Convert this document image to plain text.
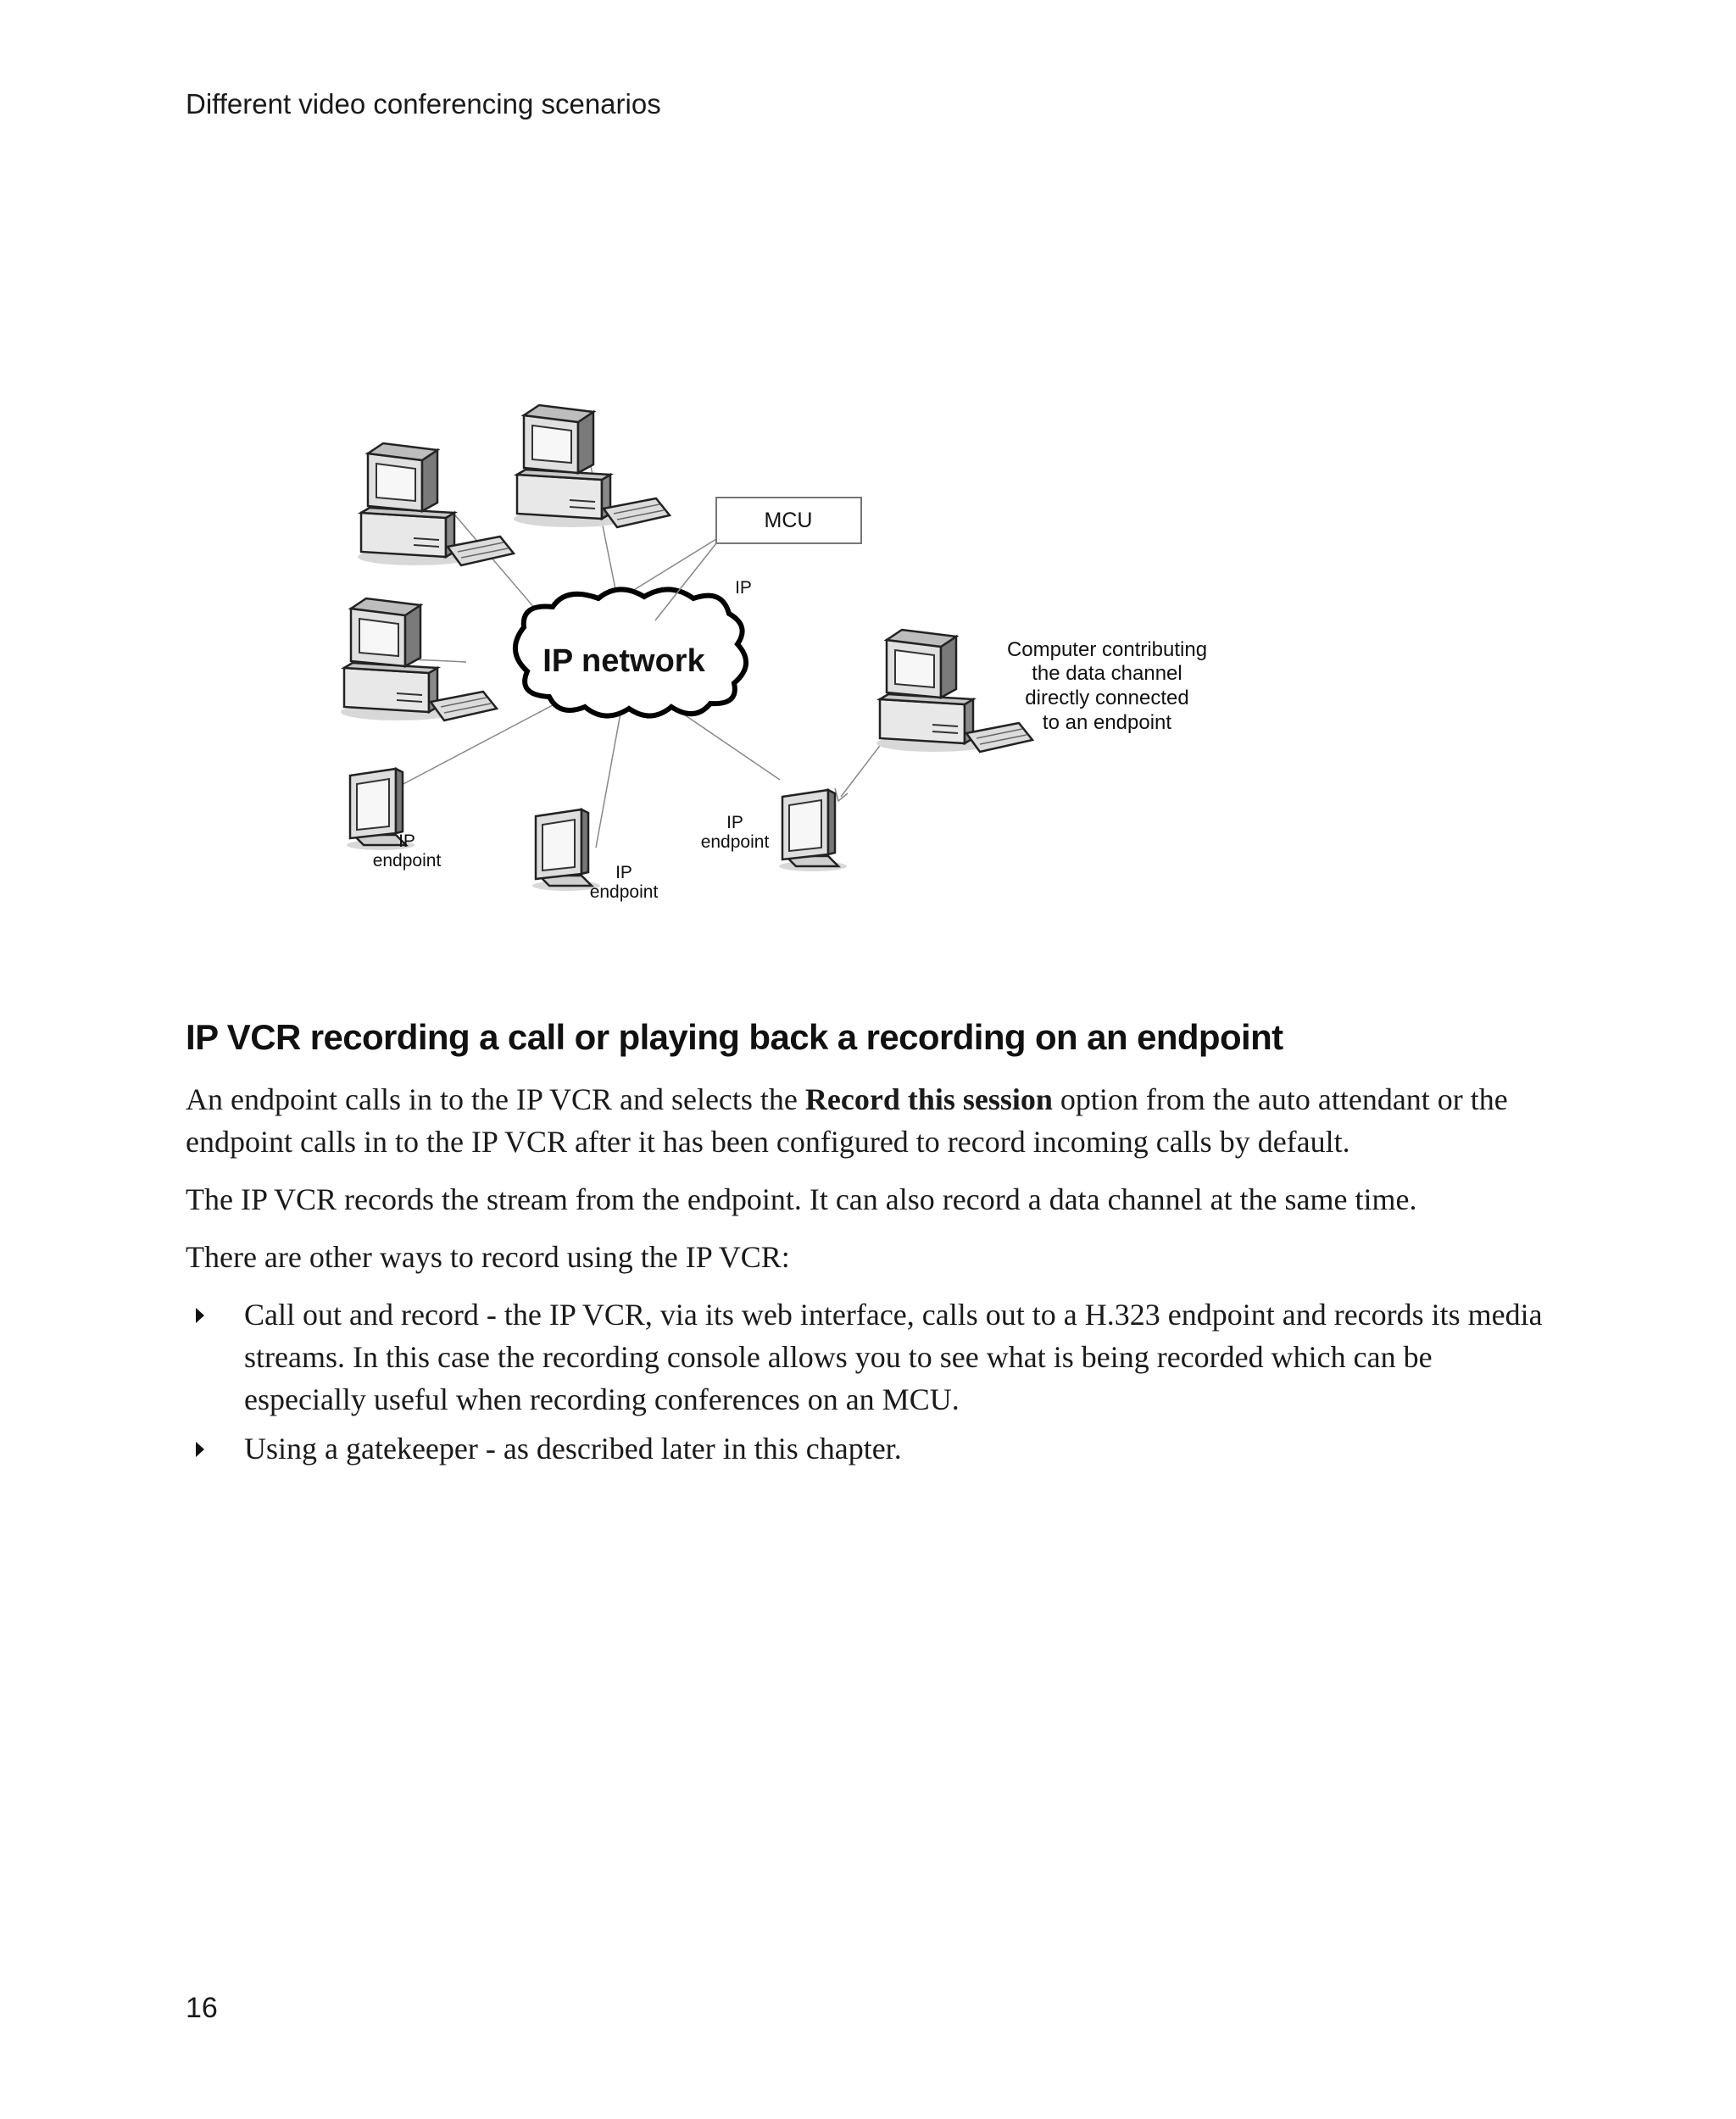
Different video conferencing scenarios
IP network
MCU
IP
IP
endpoint
IP
endpoint
IP
endpoint
Computer contributing
the data channel
directly connected
to an endpoint
IP VCR recording a call or playing back a recording on an endpoint

An endpoint calls in to the IP VCR and selects the Record this session option from the auto attendant or the endpoint calls in to the IP VCR after it has been configured to record incoming calls by default.

The IP VCR records the stream from the endpoint. It can also record a data channel at the same time.

There are other ways to record using the IP VCR:

Call out and record - the IP VCR, via its web interface, calls out to a H.323 endpoint and records its media streams. In this case the recording console allows you to see what is being recorded which can be especially useful when recording conferences on an MCU.
Using a gatekeeper - as described later in this chapter.
16
